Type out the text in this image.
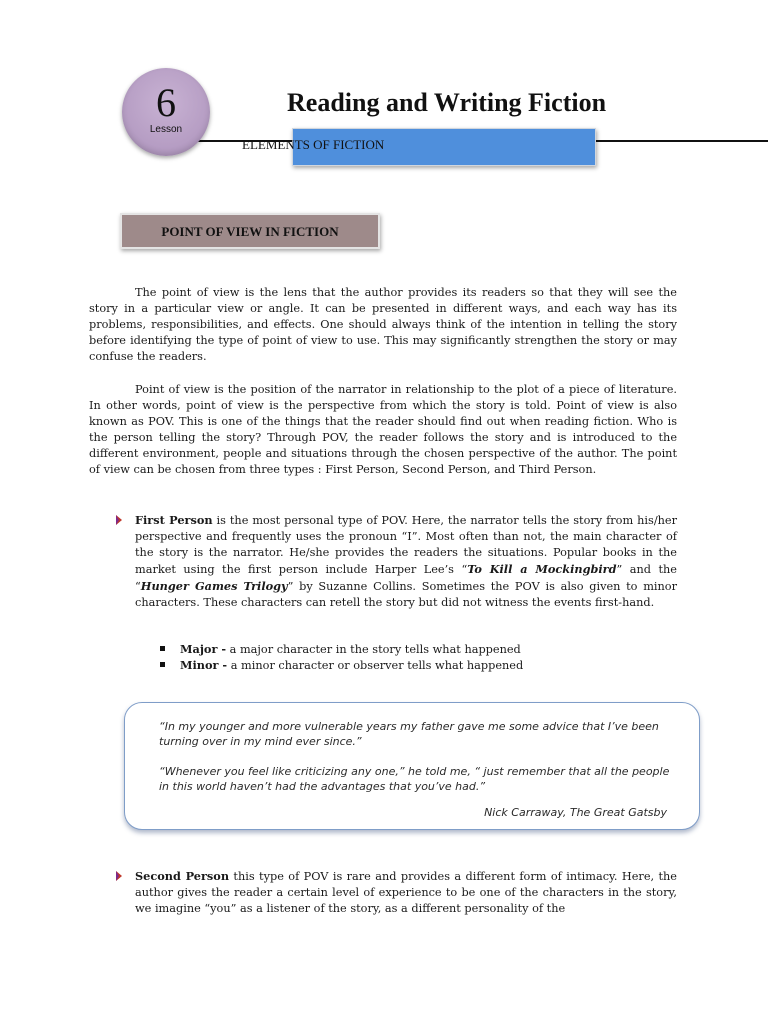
6
Lesson
Reading and Writing Fiction
ELEMENTS OF FICTION
POINT OF VIEW IN FICTION

The point of view is the lens that the author provides its readers so that they will see the story in a particular view or angle. It can be presented in different ways, and each way has its problems, responsibilities, and effects. One should always think of the intention in telling the story before identifying the type of point of view to use. This may significantly strengthen the story or may confuse the readers.

Point of view is the position of the narrator in relationship to the plot of a piece of literature. In other words, point of view is the perspective from which the story is told. Point of view is also known as POV. This is one of the things that the reader should find out when reading fiction. Who is the person telling the story? Through POV, the reader follows the story and is introduced to the different environment, people and situations through the chosen perspective of the author. The point of view can be chosen from three types : First Person, Second Person, and Third Person.

First Person is the most personal type of POV. Here, the narrator tells the story from his/her perspective and frequently uses the pronoun “I”. Most often than not, the main character of the story is the narrator. He/she provides the readers the situations. Popular books in the market using the first person include Harper Lee’s “To Kill a Mockingbird” and the “Hunger Games Trilogy” by Suzanne Collins. Sometimes the POV is also given to minor characters. These characters can retell the story but did not witness the events first-hand.

Major - a major character in the story tells what happened
Minor - a minor character or observer tells what happened

“In my younger and more vulnerable years my father gave me some advice that I’ve been turning over in my mind ever since.”

“Whenever you feel like criticizing any one,” he told me, “ just remember that all the people in this world haven’t had the advantages that you’ve had.”

Nick Carraway, The Great Gatsby

Second Person this type of POV is rare and provides a different form of intimacy. Here, the author gives the reader a certain level of experience to be one of the characters in the story, we imagine “you” as a listener of the story, as a different personality of the
